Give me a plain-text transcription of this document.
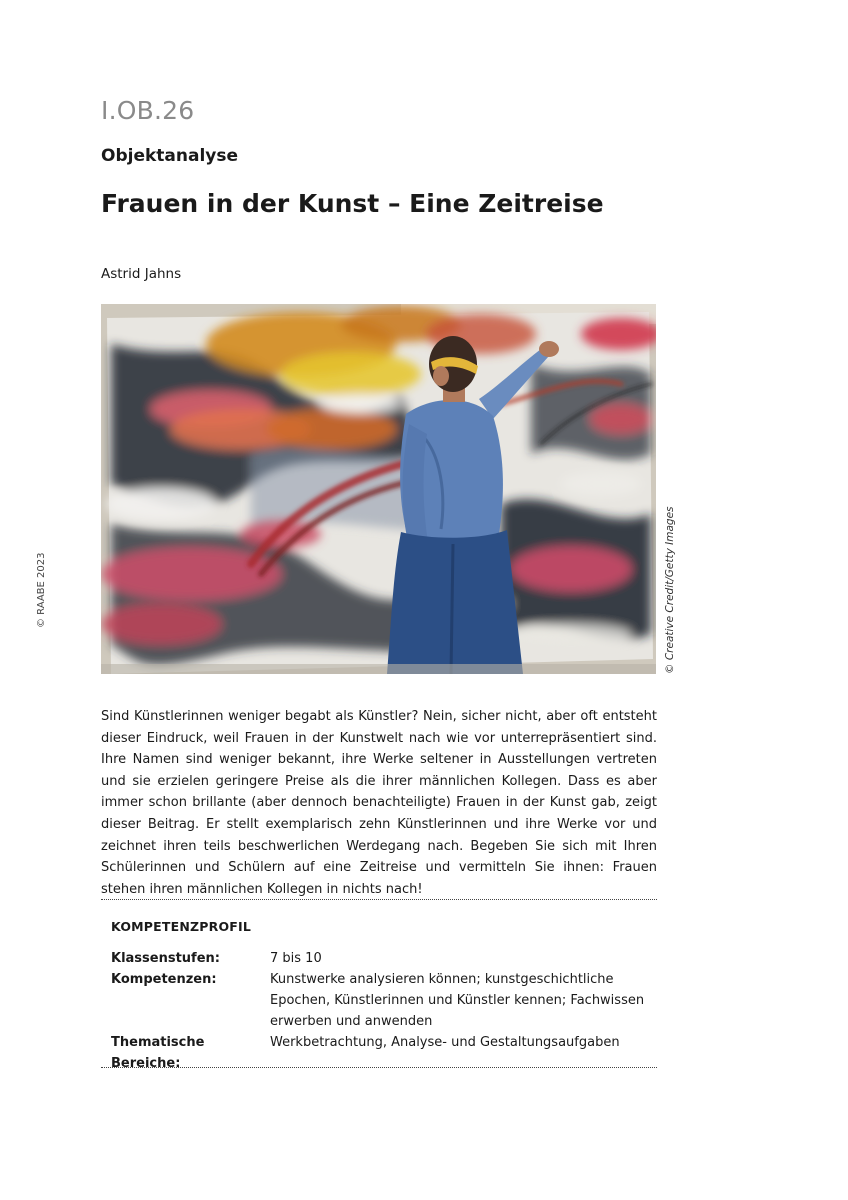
I.OB.26
Objektanalyse
Frauen in der Kunst – Eine Zeitreise
Astrid Jahns
© Creative Credit/Getty Images
© RAABE 2023

Sind Künstlerinnen weniger begabt als Künstler? Nein, sicher nicht, aber oft entsteht dieser Eindruck, weil Frauen in der Kunstwelt nach wie vor unterrepräsentiert sind. Ihre Namen sind weniger bekannt, ihre Werke seltener in Ausstellungen vertreten und sie erzielen geringere Preise als die ihrer männlichen Kollegen. Dass es aber immer schon brillante (aber dennoch benachteiligte) Frauen in der Kunst gab, zeigt dieser Beitrag. Er stellt exemplarisch zehn Künstlerinnen und ihre Werke vor und zeichnet ihren teils beschwerlichen Werdegang nach. Begeben Sie sich mit Ihren Schülerinnen und Schülern auf eine Zeitreise und vermitteln Sie ihnen: Frauen stehen ihren männlichen Kollegen in nichts nach!

KOMPETENZPROFIL
Klassenstufen:	7 bis 10
Kompetenzen:	Kunstwerke analysieren können; kunstgeschichtliche Epochen, Künstlerinnen und Künstler kennen; Fachwissen erwerben und anwenden
Thematische Bereiche:	Werkbetrachtung, Analyse- und Gestaltungsaufgaben
